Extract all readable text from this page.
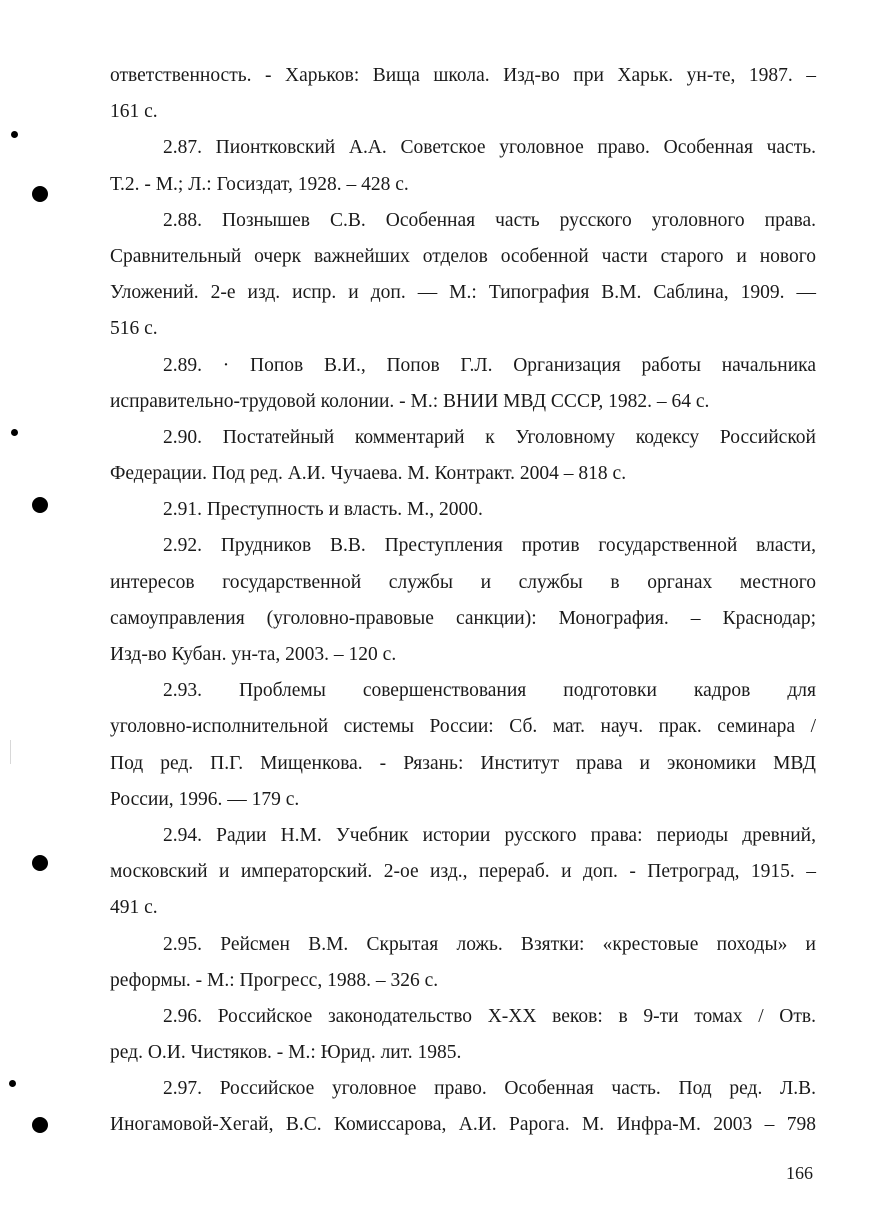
ответственность. - Харьков: Вища школа. Изд-во при Харьк. ун-те, 1987. –
161 с.
2.87. Пионтковский А.А. Советское уголовное право. Особенная часть.
Т.2. - М.; Л.: Госиздат, 1928. – 428 с.
2.88. Познышев С.В. Особенная часть русского уголовного права.
Сравнительный очерк важнейших отделов особенной части старого и нового
Уложений. 2-е изд. испр. и доп. — М.: Типография В.М. Саблина, 1909. —
516 с.
2.89. · Попов В.И., Попов Г.Л. Организация работы начальника
исправительно-трудовой колонии. - М.: ВНИИ МВД СССР, 1982. – 64 с.
2.90. Постатейный комментарий к Уголовному кодексу Российской
Федерации. Под ред. А.И. Чучаева. М. Контракт. 2004 – 818 с.
2.91. Преступность и власть. М., 2000.
2.92. Прудников В.В. Преступления против государственной власти,
интересов государственной службы и службы в органах местного
самоуправления (уголовно-правовые санкции): Монография. – Краснодар;
Изд-во Кубан. ун-та, 2003. – 120 с.
2.93. Проблемы совершенствования подготовки кадров для
уголовно-исполнительной системы России: Сб. мат. науч. прак. семинара /
Под ред. П.Г. Мищенкова. - Рязань: Институт права и экономики МВД
России, 1996. — 179 с.
2.94. Радии Н.М. Учебник истории русского права: периоды древний,
московский и императорский. 2-ое изд., перераб. и доп. - Петроград, 1915. –
491 с.
2.95. Рейсмен В.М. Скрытая ложь. Взятки: «крестовые походы» и
реформы. - М.: Прогресс, 1988. – 326 с.
2.96. Российское законодательство X-XX веков: в 9-ти томах / Отв.
ред. О.И. Чистяков. - М.: Юрид. лит. 1985.
2.97. Российское уголовное право. Особенная часть. Под ред. Л.В.
Иногамовой-Хегай, В.С. Комиссарова, А.И. Рарога. М. Инфра-М. 2003 – 798
166
